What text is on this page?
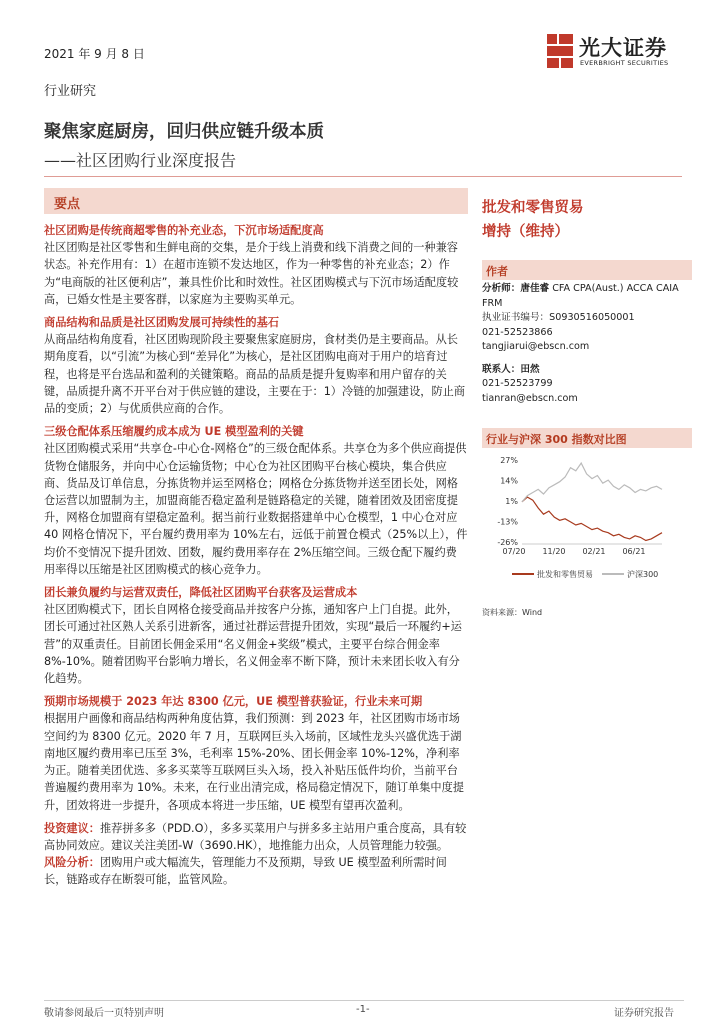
2021 年 9 月 8 日	光大证券
EVERBRIGHT SECURITIES
行业研究
聚焦家庭厨房，回归供应链升级本质
——社区团购行业深度报告
要点

社区团购是传统商超零售的补充业态，下沉市场适配度高

社区团购是社区零售和生鲜电商的交集，是介于线上消费和线下消费之间的一种兼容状态。补充作用有：1）在超市连锁不发达地区，作为一种零售的补充业态；2）作为“电商版的社区便利店”，兼具性价比和时效性。社区团购模式与下沉市场适配度较高，已婚女性是主要客群，以家庭为主要购买单元。

商品结构和品质是社区团购发展可持续性的基石

从商品结构角度看，社区团购现阶段主要聚焦家庭厨房，食材类仍是主要商品。从长期角度看，以“引流”为核心到“差异化”为核心，是社区团购电商对于用户的培育过程，也将是平台选品和盈利的关键策略。商品的品质是提升复购率和用户留存的关键，品质提升离不开平台对于供应链的建设，主要在于：1）冷链的加强建设，防止商品的变质；2）与优质供应商的合作。

三级仓配体系压缩履约成本成为 UE 模型盈利的关键

社区团购模式采用“共享仓-中心仓-网格仓”的三级仓配体系。共享仓为多个供应商提供货物仓储服务，并向中心仓运输货物；中心仓为社区团购平台核心模块，集合供应商、货品及订单信息，分拣货物并运至网格仓；网格仓分拣货物并送至团长处，网格仓运营以加盟制为主，加盟商能否稳定盈利是链路稳定的关键，随着团效及团密度提升，网格仓加盟商有望稳定盈利。据当前行业数据搭建单中心仓模型，1 中心仓对应 40 网格仓情况下，平台履约费用率为 10%左右，远低于前置仓模式（25%以上），件均价不变情况下提升团效、团数，履约费用率存在 2%压缩空间。三级仓配下履约费用率得以压缩是社区团购模式的核心竞争力。

团长兼负履约与运营双责任，降低社区团购平台获客及运营成本

社区团购模式下，团长自网格仓接受商品并按客户分拣，通知客户上门自提。此外，团长可通过社区熟人关系引进新客，通过社群运营提升团效，实现“最后一环履约+运营”的双重责任。目前团长佣金采用“名义佣金+奖级”模式，主要平台综合佣金率 8%-10%。随着团购平台影响力增长，名义佣金率不断下降，预计未来团长收入有分化趋势。

预期市场规模于 2023 年达 8300 亿元，UE 模型普获验证，行业未来可期

根据用户画像和商品结构两种角度估算，我们预测：到 2023 年，社区团购市场市场空间约为 8300 亿元。2020 年 7 月，互联网巨头入场前，区域性龙头兴盛优选于湖南地区履约费用率已压至 3%，毛利率 15%-20%、团长佣金率 10%-12%，净利率为正。随着美团优选、多多买菜等互联网巨头入场，投入补贴压低件均价，当前平台普遍履约费用率为 10%。未来，在行业出清完成，格局稳定情况下，随订单集中度提升，团效将进一步提升，各项成本将进一步压缩，UE 模型有望再次盈利。

投资建议：推荐拼多多（PDD.O），多多买菜用户与拼多多主站用户重合度高，具有较高协同效应。建议关注美团-W（3690.HK），地推能力出众，人员管理能力较强。

风险分析：团购用户或大幅流失，管理能力不及预期，导致 UE 模型盈利所需时间长，链路或存在断裂可能，监管风险。

批发和零售贸易
增持（维持）
作者
分析师：唐佳睿 CFA CPA(Aust.) ACCA CAIA FRM
执业证书编号：S0930516050001
021-52523866
tangjiarui@ebscn.com
联系人：田然
021-52523799
tianran@ebscn.com
行业与沪深 300 指数对比图
27%
14%
1%
-13%
-26%
07/20 11/20 02/21 06/21
批发和零售贸易	沪深300
资料来源：Wind
敬请参阅最后一页特别声明	-1-	证券研究报告
